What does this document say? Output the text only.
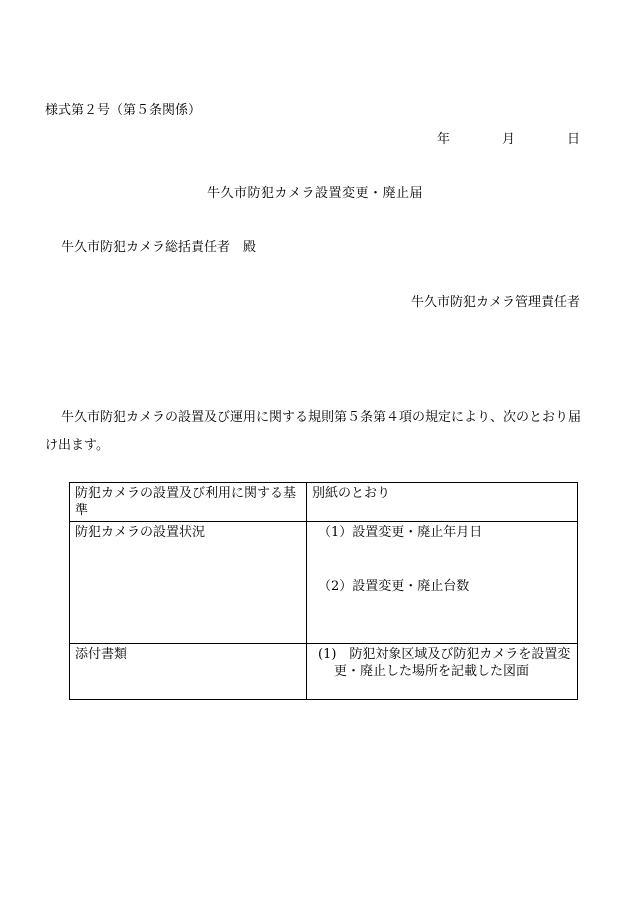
様式第２号（第５条関係）
年	月	日
牛久市防犯カメラ設置変更・廃止届
牛久市防犯カメラ総括責任者　殿
牛久市防犯カメラ管理責任者
牛久市防犯カメラの設置及び運用に関する規則第５条第４項の規定により、次のとおり届け出ます。
防犯カメラの設置及び利用に関する基準	別紙のとおり
防犯カメラの設置状況	（1）設置変更・廃止年月日
（2）設置変更・廃止台数

添付書類	(1)　防犯対象区域及び防犯カメラを設置変更・廃止した場所を記載した図面
